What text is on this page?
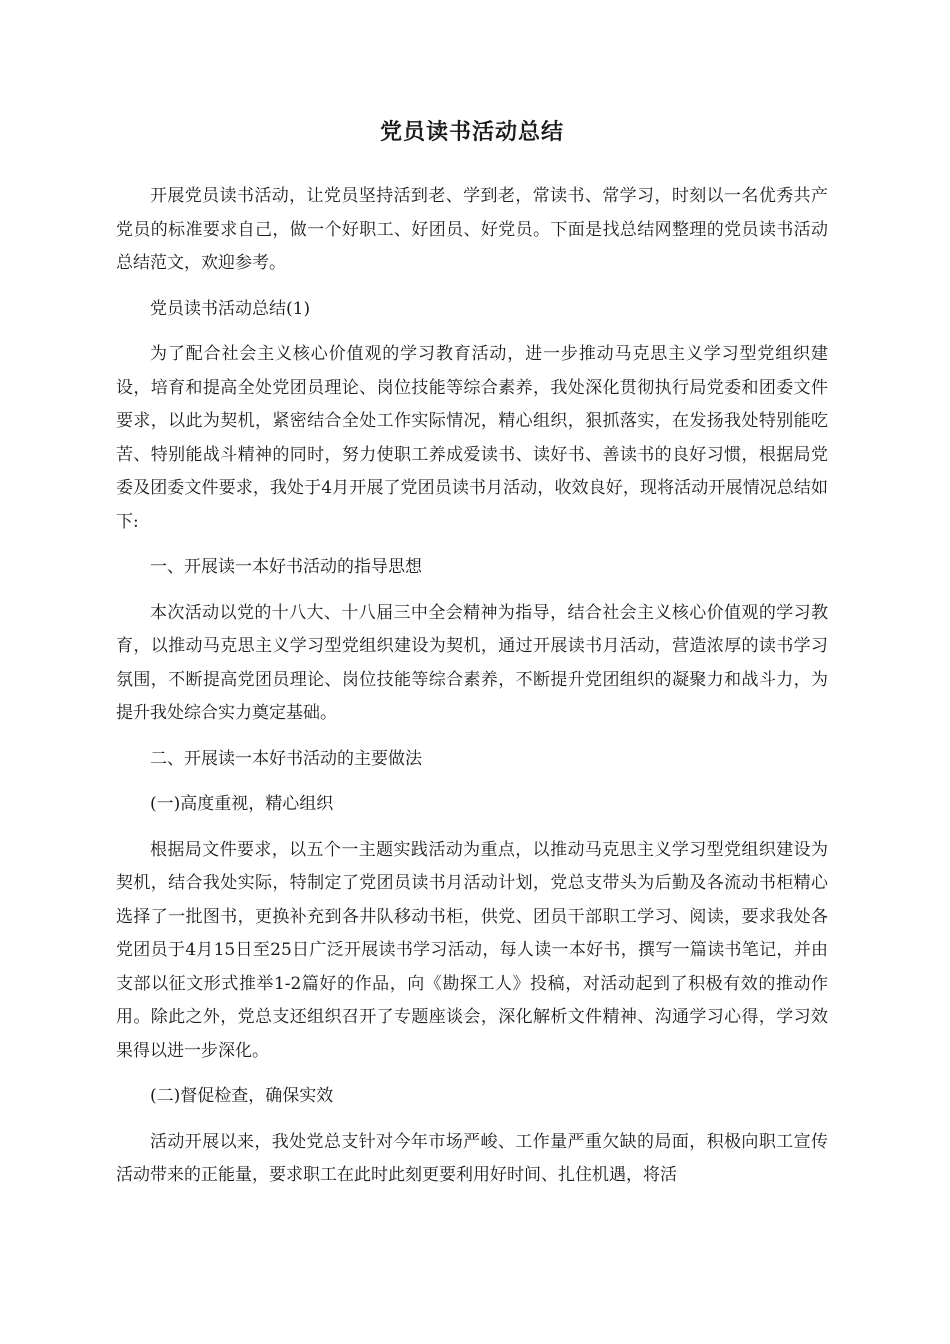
党员读书活动总结

开展党员读书活动，让党员坚持活到老、学到老，常读书、常学习，时刻以一名优秀共产党员的标准要求自己，做一个好职工、好团员、好党员。下面是找总结网整理的党员读书活动总结范文，欢迎参考。

党员读书活动总结(1)

为了配合社会主义核心价值观的学习教育活动，进一步推动马克思主义学习型党组织建设，培育和提高全处党团员理论、岗位技能等综合素养，我处深化贯彻执行局党委和团委文件要求，以此为契机，紧密结合全处工作实际情况，精心组织，狠抓落实，在发扬我处特别能吃苦、特别能战斗精神的同时，努力使职工养成爱读书、读好书、善读书的良好习惯，根据局党委及团委文件要求，我处于4月开展了党团员读书月活动，收效良好，现将活动开展情况总结如下:

一、开展读一本好书活动的指导思想

本次活动以党的十八大、十八届三中全会精神为指导，结合社会主义核心价值观的学习教育，以推动马克思主义学习型党组织建设为契机，通过开展读书月活动，营造浓厚的读书学习氛围，不断提高党团员理论、岗位技能等综合素养，不断提升党团组织的凝聚力和战斗力，为提升我处综合实力奠定基础。

二、开展读一本好书活动的主要做法

(一)高度重视，精心组织

根据局文件要求，以五个一主题实践活动为重点，以推动马克思主义学习型党组织建设为契机，结合我处实际，特制定了党团员读书月活动计划，党总支带头为后勤及各流动书柜精心选择了一批图书，更换补充到各井队移动书柜，供党、团员干部职工学习、阅读，要求我处各党团员于4月15日至25日广泛开展读书学习活动，每人读一本好书，撰写一篇读书笔记，并由支部以征文形式推举1-2篇好的作品，向《勘探工人》投稿，对活动起到了积极有效的推动作用。除此之外，党总支还组织召开了专题座谈会，深化解析文件精神、沟通学习心得，学习效果得以进一步深化。

(二)督促检查，确保实效

活动开展以来，我处党总支针对今年市场严峻、工作量严重欠缺的局面，积极向职工宣传活动带来的正能量，要求职工在此时此刻更要利用好时间、扎住机遇，将活
